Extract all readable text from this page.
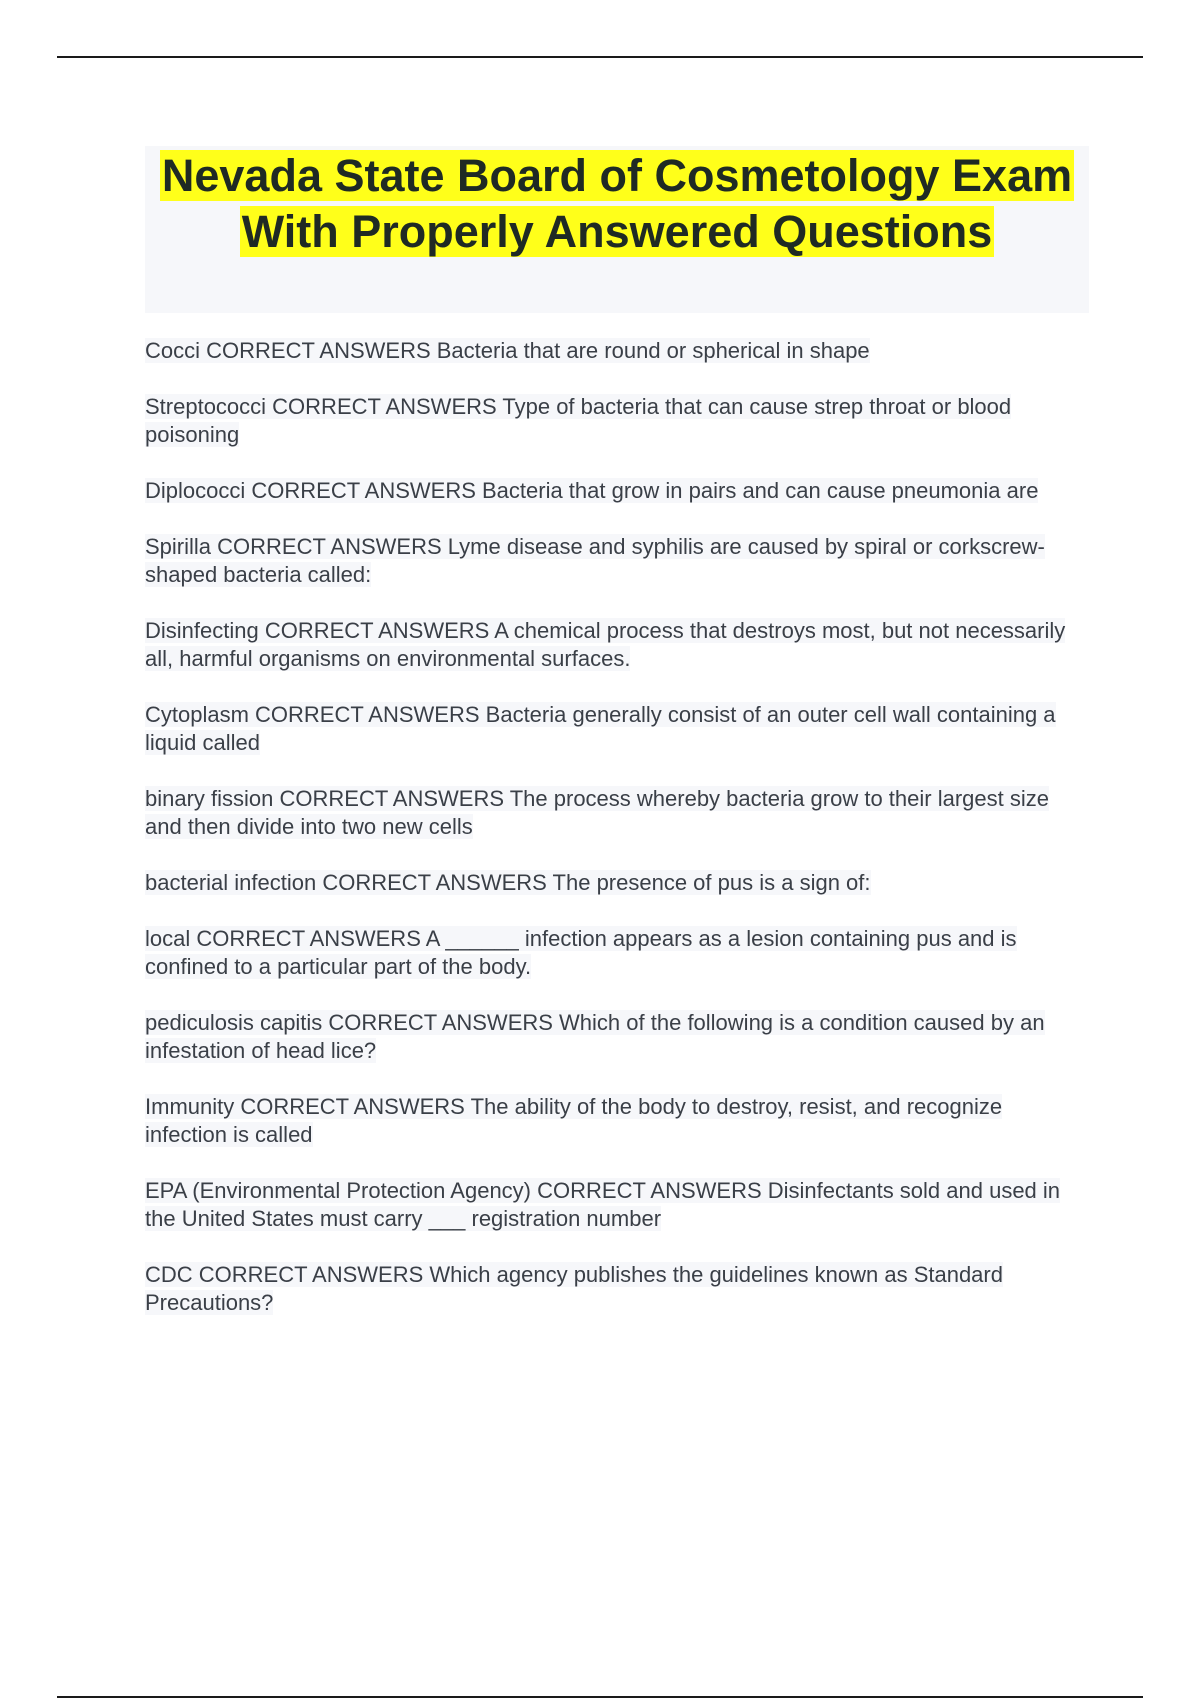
Nevada State Board of Cosmetology Exam With Properly Answered Questions

Cocci CORRECT ANSWERS Bacteria that are round or spherical in shape

Streptococci CORRECT ANSWERS Type of bacteria that can cause strep throat or blood poisoning

Diplococci CORRECT ANSWERS Bacteria that grow in pairs and can cause pneumonia are

Spirilla CORRECT ANSWERS Lyme disease and syphilis are caused by spiral or corkscrew-shaped bacteria called:

Disinfecting CORRECT ANSWERS A chemical process that destroys most, but not necessarily all, harmful organisms on environmental surfaces.

Cytoplasm CORRECT ANSWERS Bacteria generally consist of an outer cell wall containing a liquid called

binary fission CORRECT ANSWERS The process whereby bacteria grow to their largest size and then divide into two new cells

bacterial infection CORRECT ANSWERS The presence of pus is a sign of:

local CORRECT ANSWERS A ______ infection appears as a lesion containing pus and is confined to a particular part of the body.

pediculosis capitis CORRECT ANSWERS Which of the following is a condition caused by an infestation of head lice?

Immunity CORRECT ANSWERS The ability of the body to destroy, resist, and recognize infection is called

EPA (Environmental Protection Agency) CORRECT ANSWERS Disinfectants sold and used in the United States must carry ___ registration number

CDC CORRECT ANSWERS Which agency publishes the guidelines known as Standard Precautions?
